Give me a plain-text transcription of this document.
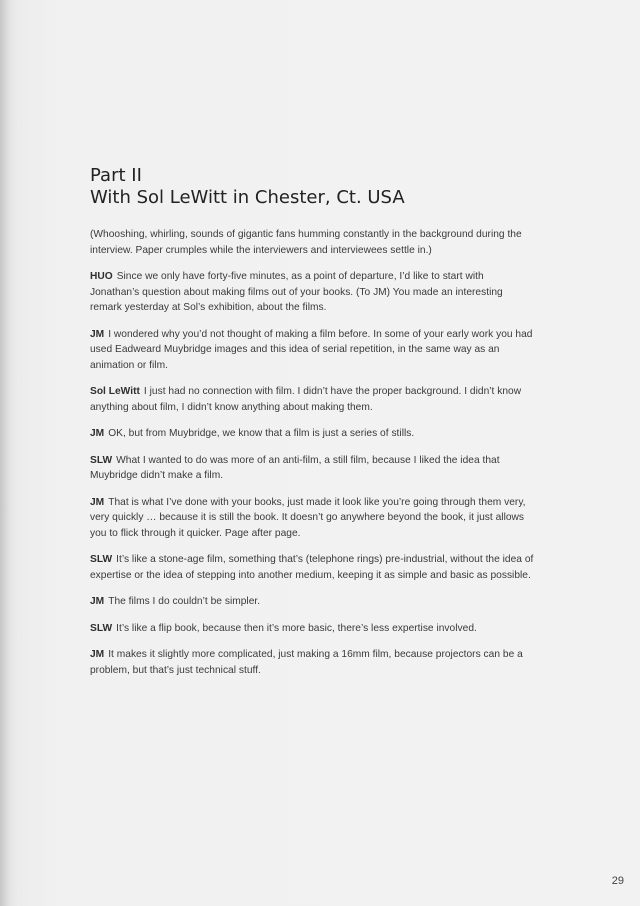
Part II
With Sol LeWitt in Chester, Ct. USA

(Whooshing, whirling, sounds of gigantic fans humming constantly in the background during the interview. Paper crumples while the interviewers and interviewees settle in.)

HUO Since we only have forty-five minutes, as a point of departure, I’d like to start with Jonathan’s question about making films out of your books. (To JM) You made an interesting remark yesterday at Sol’s exhibition, about the films.

JM I wondered why you’d not thought of making a film before. In some of your early work you had used Eadweard Muybridge images and this idea of serial repetition, in the same way as an animation or film.

Sol LeWitt I just had no connection with film. I didn’t have the proper background. I didn’t know anything about film, I didn’t know anything about making them.

JM OK, but from Muybridge, we know that a film is just a series of stills.

SLW What I wanted to do was more of an anti-film, a still film, because I liked the idea that Muybridge didn’t make a film.

JM That is what I’ve done with your books, just made it look like you’re going through them very, very quickly … because it is still the book. It doesn’t go anywhere beyond the book, it just allows you to flick through it quicker. Page after page.

SLW It’s like a stone-age film, something that’s (telephone rings) pre-industrial, without the idea of expertise or the idea of stepping into another medium, keeping it as simple and basic as possible.

JM The films I do couldn’t be simpler.

SLW It’s like a flip book, because then it’s more basic, there’s less expertise involved.

JM It makes it slightly more complicated, just making a 16mm film, because projectors can be a problem, but that’s just technical stuff.

29
